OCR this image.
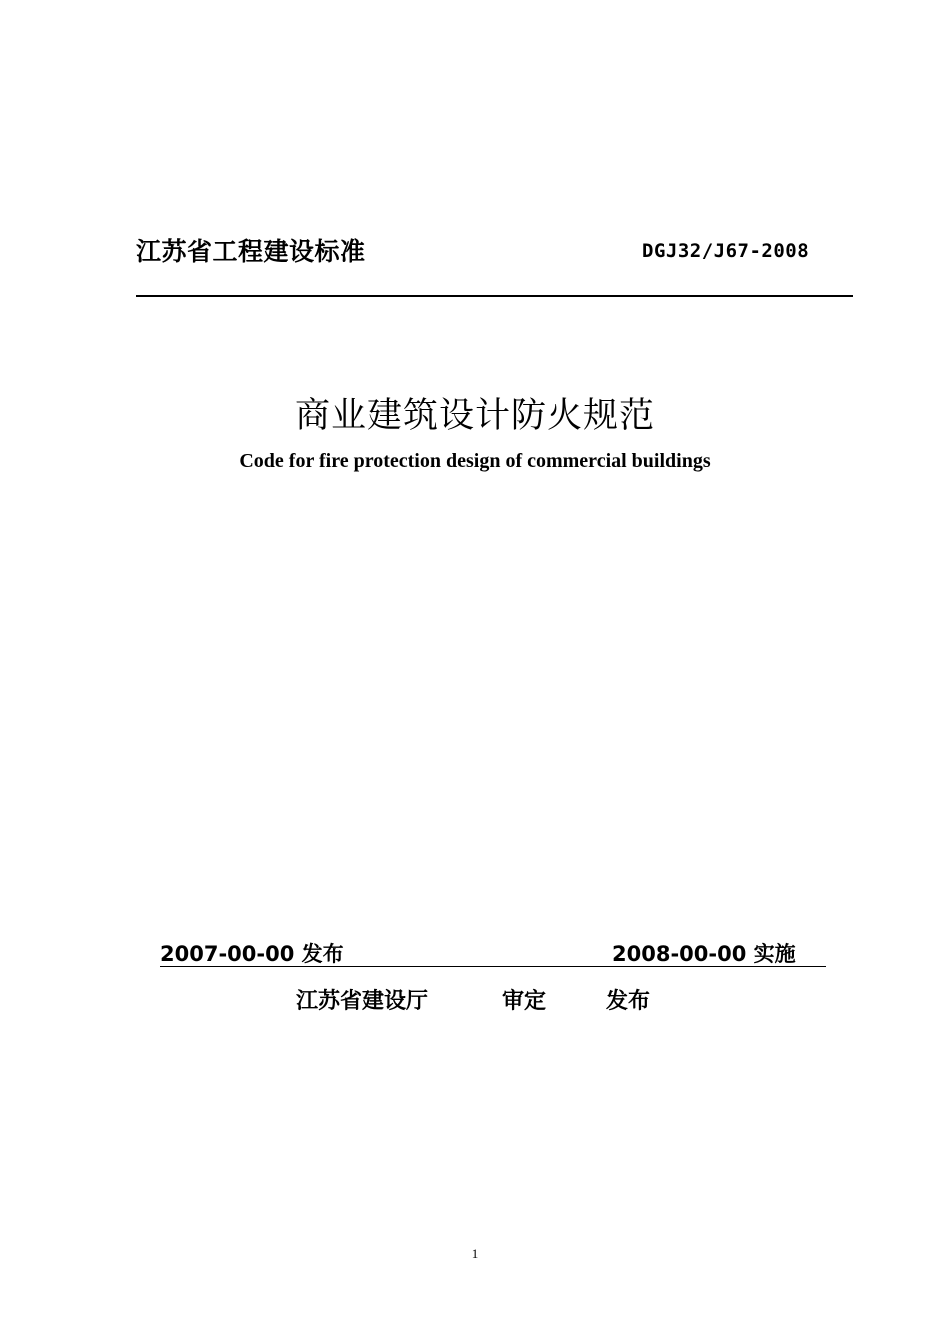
江苏省工程建设标准	DGJ32/J67-2008
商业建筑设计防火规范
Code for fire protection design of commercial buildings
2007-00-00 发布	2008-00-00 实施
江苏省建设厅	审定	发布
1
